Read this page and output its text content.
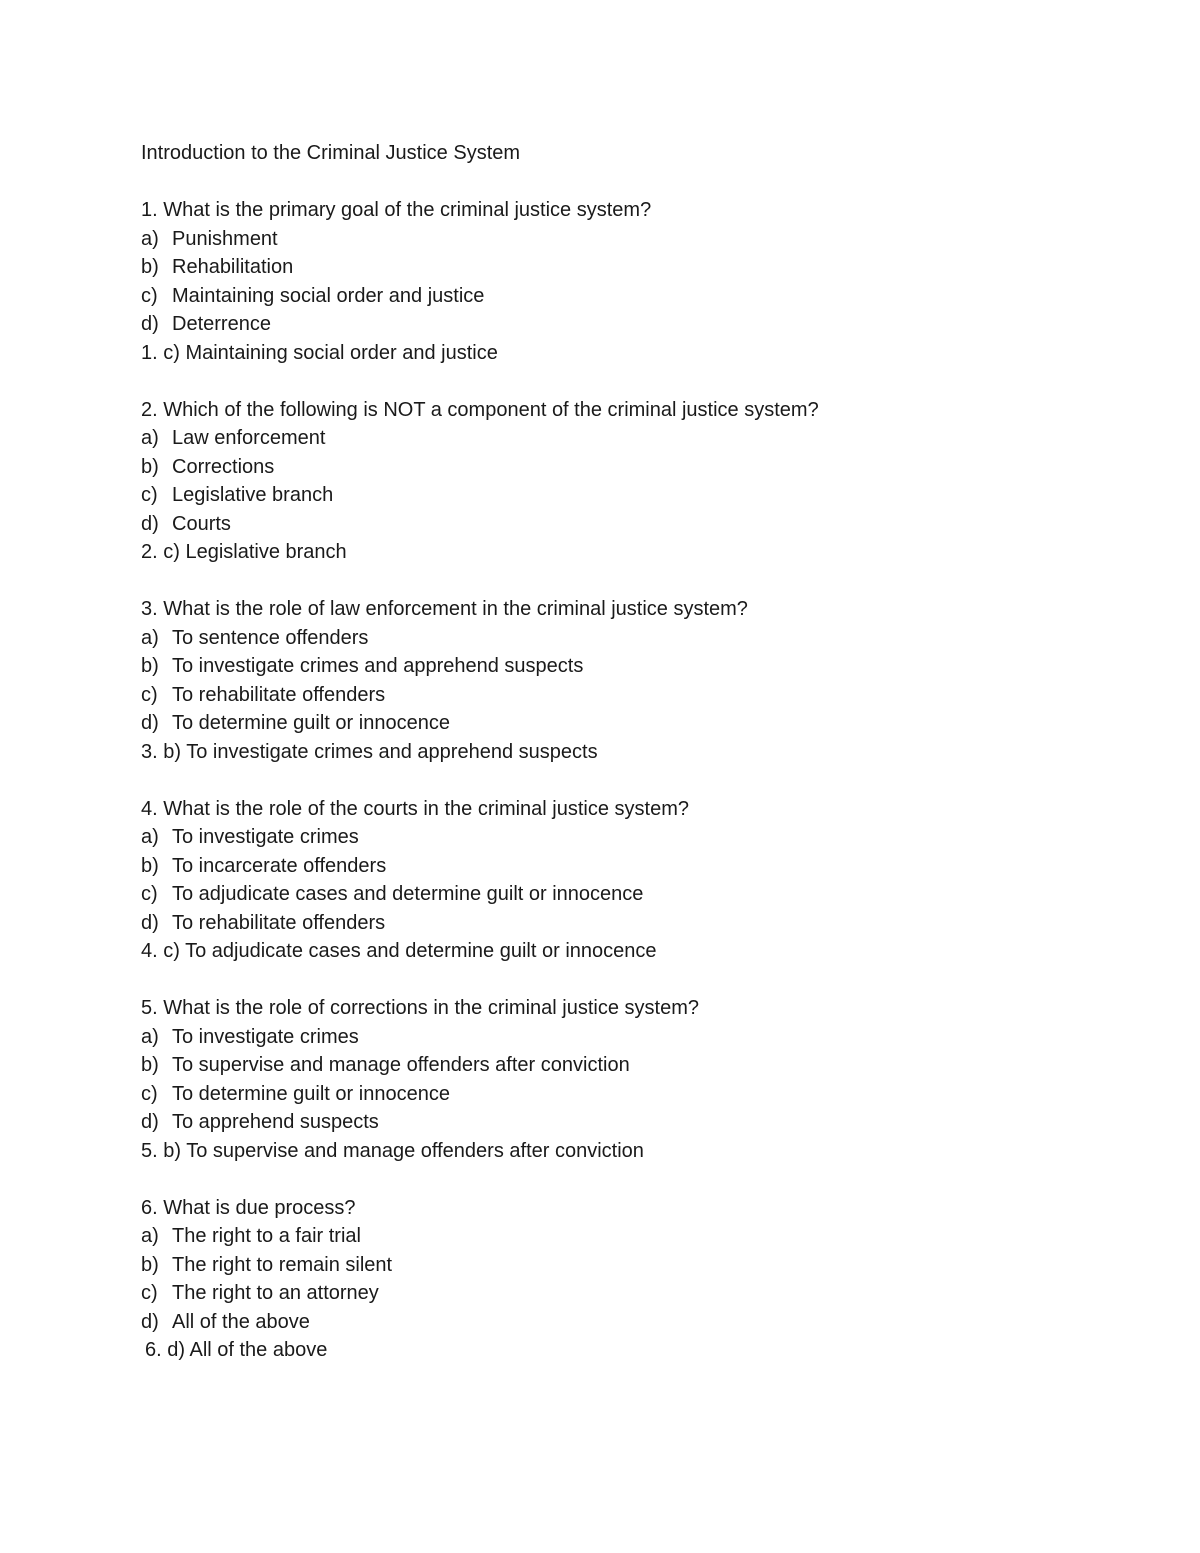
Introduction to the Criminal Justice System
1. What is the primary goal of the criminal justice system?
a) Punishment
b) Rehabilitation
c) Maintaining social order and justice
d) Deterrence
1. c) Maintaining social order and justice
2. Which of the following is NOT a component of the criminal justice system?
a) Law enforcement
b) Corrections
c) Legislative branch
d) Courts
2. c) Legislative branch
3. What is the role of law enforcement in the criminal justice system?
a) To sentence offenders
b) To investigate crimes and apprehend suspects
c) To rehabilitate offenders
d) To determine guilt or innocence
3. b) To investigate crimes and apprehend suspects
4. What is the role of the courts in the criminal justice system?
a) To investigate crimes
b) To incarcerate offenders
c) To adjudicate cases and determine guilt or innocence
d) To rehabilitate offenders
4. c) To adjudicate cases and determine guilt or innocence
5. What is the role of corrections in the criminal justice system?
a) To investigate crimes
b) To supervise and manage offenders after conviction
c) To determine guilt or innocence
d) To apprehend suspects
5. b) To supervise and manage offenders after conviction
6. What is due process?
a) The right to a fair trial
b) The right to remain silent
c) The right to an attorney
d) All of the above
6. d) All of the above
